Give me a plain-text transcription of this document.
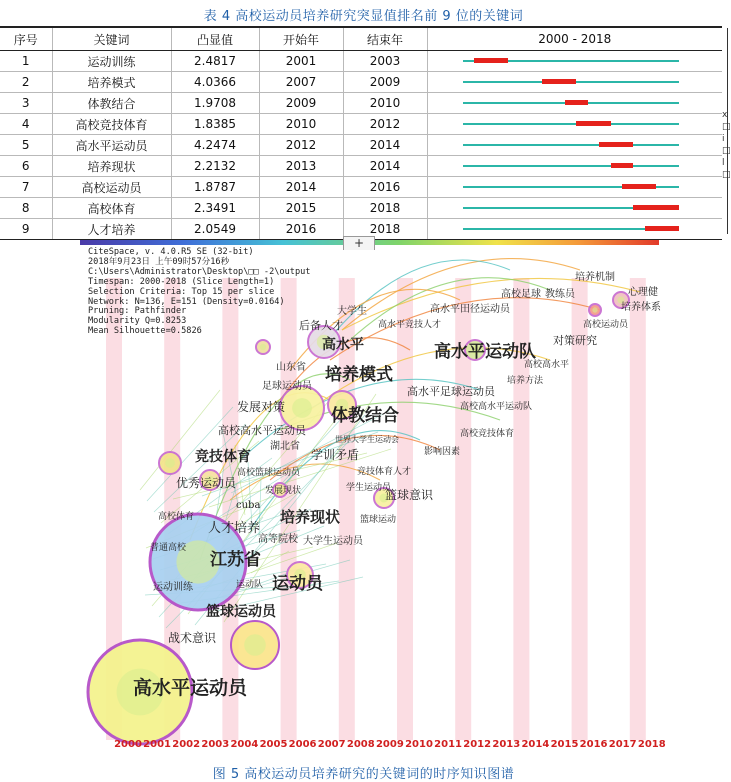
表 4 高校运动员培养研究突显值排名前 9 位的关键词
序号	关键词	凸显值	开始年	结束年	2000 - 2018
1	运动训练	2.4817	2001	2003	

2	培养模式	4.0366	2007	2009	

3	体教结合	1.9708	2009	2010	

4	高校竞技体育	1.8385	2010	2012	

5	高水平运动员	4.2474	2012	2014	

6	培养现状	2.2132	2013	2014	

7	高校运动员	1.8787	2014	2016	

8	高校体育	2.3491	2015	2018	

9	人才培养	2.0549	2016	2018	
+
CiteSpace, v. 4.0.R5 SE (32-bit)
2018年9月23日 上午09时57分16秒
C:\Users\Administrator\Desktop\□□ -2\output
Timespan: 2000-2018 (Slice Length=1)
Selection Criteria: Top 15 per slice
Network: N=136, E=151 (Density=0.0164)
Pruning: Pathfinder
Modularity Q=0.8253
Mean Silhouette=0.5826
培养机制
心理健
高校足球 教练员
培养体系
大学生	高水平田径运动员
高校运动员
后备人才	高水平竞技人才
高水平	高水平运动队
对策研究
高校高水平
山东省 培养模式	培养方法
足球运动员	高水平足球运动员
高校高水平运动队
发展对策	体教结合
高校高水平运动员	高校竞技体育
湖北省
世界大学生运动会
影响因素
竞技体育	学训矛盾
高校篮球运动员	竞技体育人才
优秀运动员
发展现状	学生运动员
篮球意识
高校体育
cuba
培养现状 篮球运动
人才培养
普通高校
高等院校
江苏省
大学生运动员
运动员
运动训练	运动队
篮球运动员
战术意识
高水平运动员
2000 2001 2002 2003 2004 2005 2006 2007 2008 2009 2010 2011 2012 2013 2014 2015 2016 2017 2018
图 5 高校运动员培养研究的关键词的时序知识图谱
x
□
i
□
l
□
